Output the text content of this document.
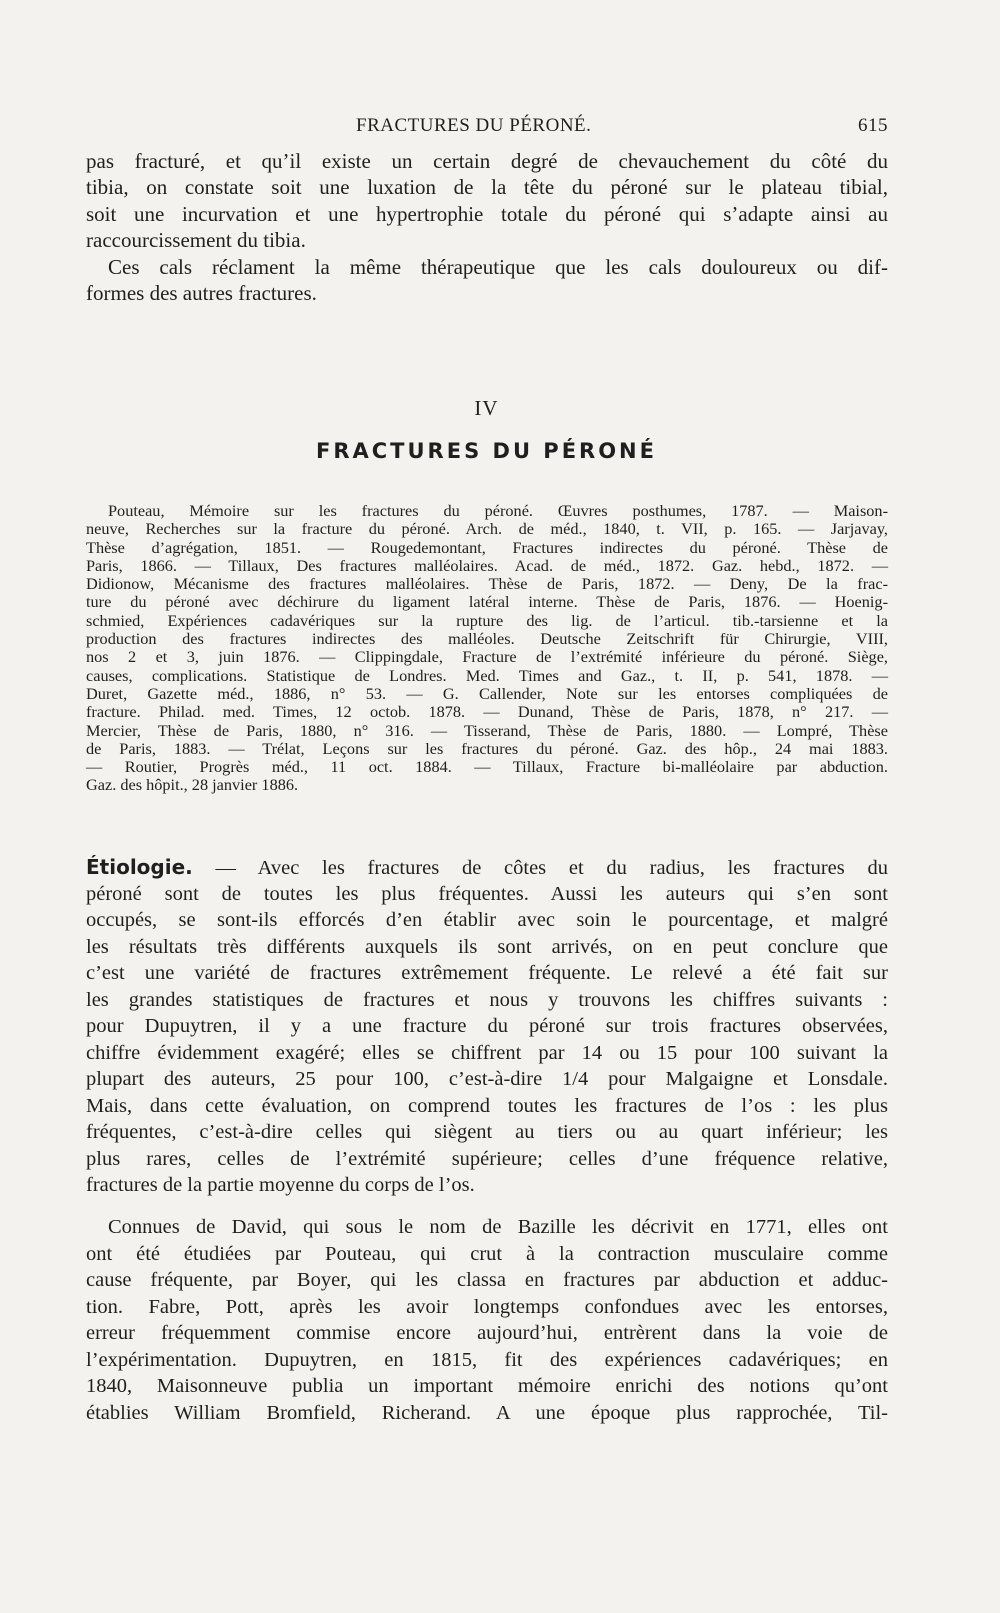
FRACTURES DU PÉRONÉ.	615
pas fracturé, et qu’il existe un certain degré de chevauchement du côté du
tibia, on constate soit une luxation de la tête du péroné sur le plateau tibial,
soit une incurvation et une hypertrophie totale du péroné qui s’adapte ainsi au
raccourcissement du tibia.
Ces cals réclament la même thérapeutique que les cals douloureux ou dif-
formes des autres fractures.
IV
FRACTURES DU PÉRONÉ
Pouteau, Mémoire sur les fractures du péroné. Œuvres posthumes, 1787. — Maison-
neuve, Recherches sur la fracture du péroné. Arch. de méd., 1840, t. VII, p. 165. — Jarjavay,
Thèse d’agrégation, 1851. — Rougedemontant, Fractures indirectes du péroné. Thèse de
Paris, 1866. — Tillaux, Des fractures malléolaires. Acad. de méd., 1872. Gaz. hebd., 1872. —
Didionow, Mécanisme des fractures malléolaires. Thèse de Paris, 1872. — Deny, De la frac-
ture du péroné avec déchirure du ligament latéral interne. Thèse de Paris, 1876. — Hoenig-
schmied, Expériences cadavériques sur la rupture des lig. de l’articul. tib.-tarsienne et la
production des fractures indirectes des malléoles. Deutsche Zeitschrift für Chirurgie, VIII,
nos 2 et 3, juin 1876. — Clippingdale, Fracture de l’extrémité inférieure du péroné. Siège,
causes, complications. Statistique de Londres. Med. Times and Gaz., t. II, p. 541, 1878. —
Duret, Gazette méd., 1886, n° 53. — G. Callender, Note sur les entorses compliquées de
fracture. Philad. med. Times, 12 octob. 1878. — Dunand, Thèse de Paris, 1878, n° 217. —
Mercier, Thèse de Paris, 1880, n° 316. — Tisserand, Thèse de Paris, 1880. — Lompré, Thèse
de Paris, 1883. — Trélat, Leçons sur les fractures du péroné. Gaz. des hôp., 24 mai 1883.
— Routier, Progrès méd., 11 oct. 1884. — Tillaux, Fracture bi-malléolaire par abduction.
Gaz. des hôpit., 28 janvier 1886.
Étiologie. — Avec les fractures de côtes et du radius, les fractures du
péroné sont de toutes les plus fréquentes. Aussi les auteurs qui s’en sont
occupés, se sont-ils efforcés d’en établir avec soin le pourcentage, et malgré
les résultats très différents auxquels ils sont arrivés, on en peut conclure que
c’est une variété de fractures extrêmement fréquente. Le relevé a été fait sur
les grandes statistiques de fractures et nous y trouvons les chiffres suivants :
pour Dupuytren, il y a une fracture du péroné sur trois fractures observées,
chiffre évidemment exagéré; elles se chiffrent par 14 ou 15 pour 100 suivant la
plupart des auteurs, 25 pour 100, c’est-à-dire 1/4 pour Malgaigne et Lonsdale.
Mais, dans cette évaluation, on comprend toutes les fractures de l’os : les plus
fréquentes, c’est-à-dire celles qui siègent au tiers ou au quart inférieur; les
plus rares, celles de l’extrémité supérieure; celles d’une fréquence relative,
fractures de la partie moyenne du corps de l’os.
Connues de David, qui sous le nom de Bazille les décrivit en 1771, elles ont
ont été étudiées par Pouteau, qui crut à la contraction musculaire comme
cause fréquente, par Boyer, qui les classa en fractures par abduction et adduc-
tion. Fabre, Pott, après les avoir longtemps confondues avec les entorses,
erreur fréquemment commise encore aujourd’hui, entrèrent dans la voie de
l’expérimentation. Dupuytren, en 1815, fit des expériences cadavériques; en
1840, Maisonneuve publia un important mémoire enrichi des notions qu’ont
établies William Bromfield, Richerand. A une époque plus rapprochée, Til-
